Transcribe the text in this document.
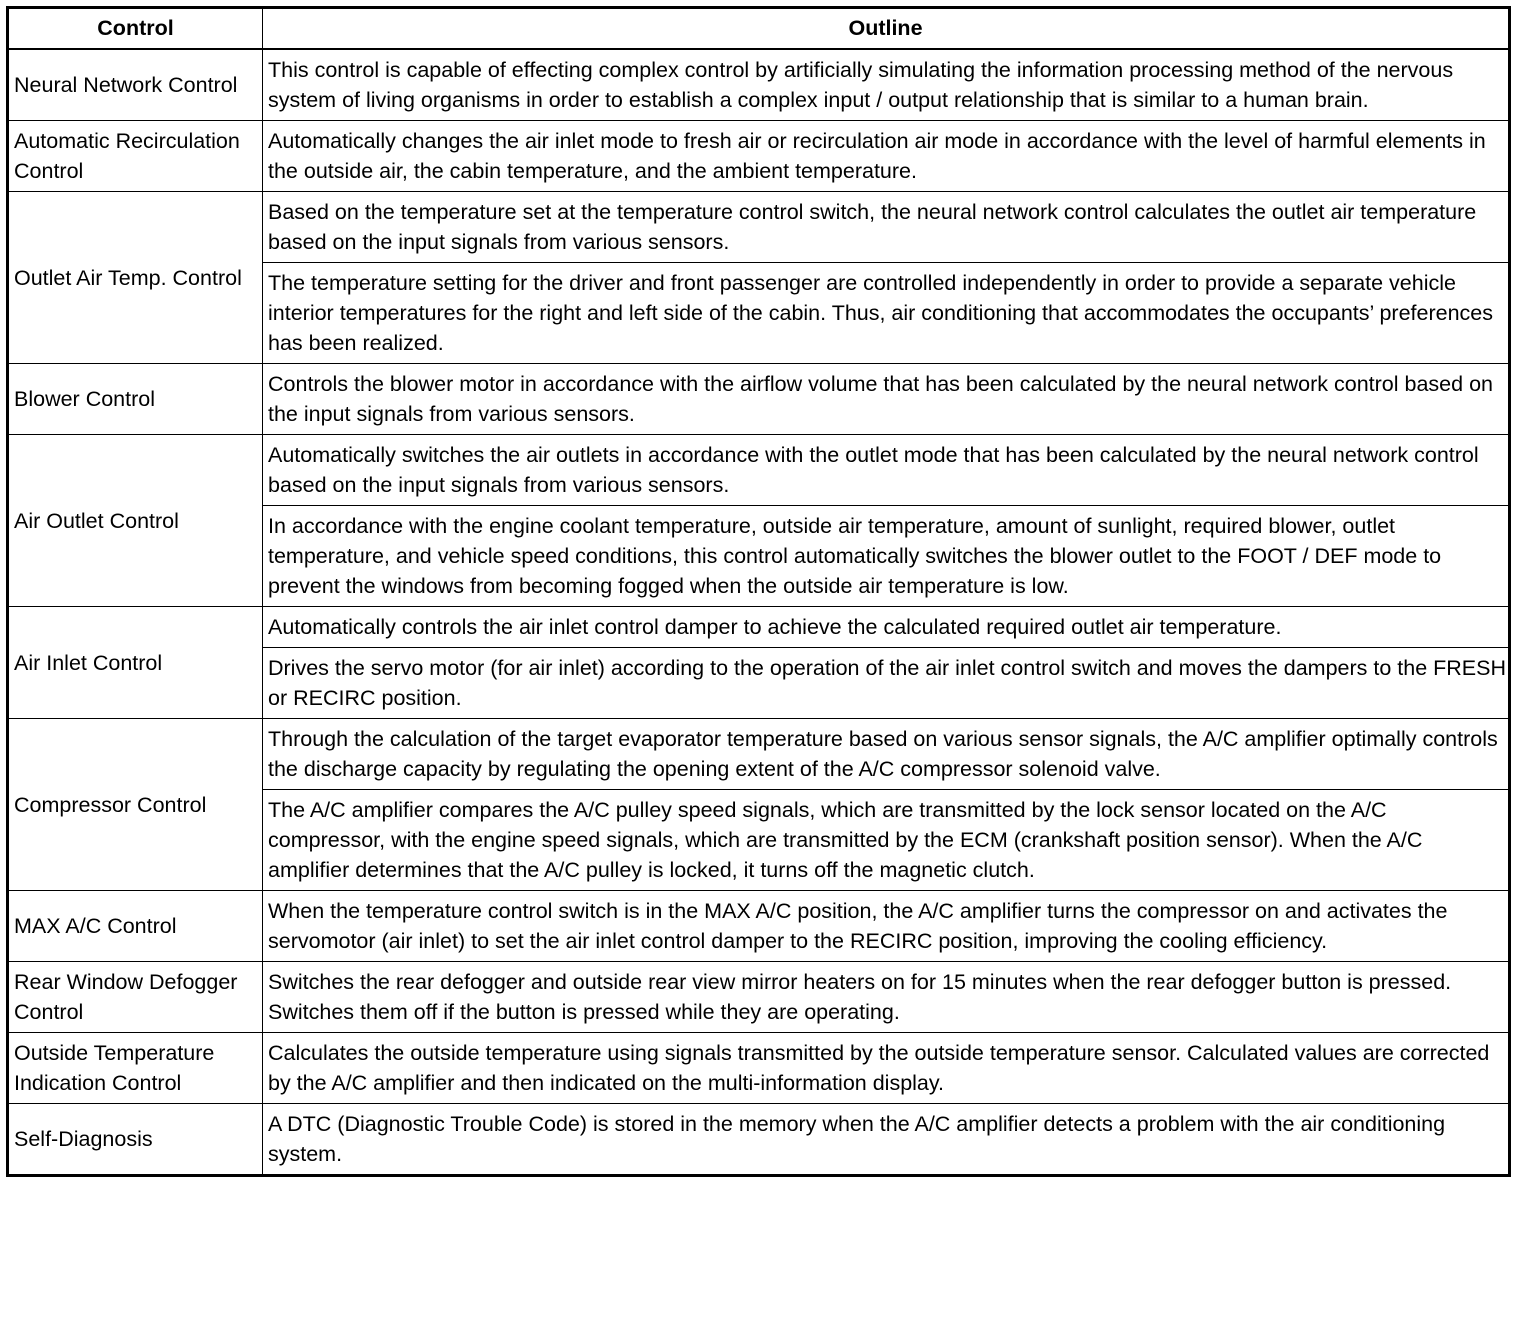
Control	Outline
Neural Network Control	This control is capable of effecting complex control by artificially simulating the information processing method of the nervous system of living organisms in order to establish a complex input / output relationship that is similar to a human brain.
Automatic Recirculation Control	Automatically changes the air inlet mode to fresh air or recirculation air mode in accordance with the level of harmful elements in the outside air, the cabin temperature, and the ambient temperature.
Outlet Air Temp. Control	Based on the temperature set at the temperature control switch, the neural network control calculates the outlet air temperature based on the input signals from various sensors.
	The temperature setting for the driver and front passenger are controlled independently in order to provide a separate vehicle interior temperatures for the right and left side of the cabin. Thus, air conditioning that accommodates the occupants’ preferences has been realized.
Blower Control	Controls the blower motor in accordance with the airflow volume that has been calculated by the neural network control based on the input signals from various sensors.
Air Outlet Control	Automatically switches the air outlets in accordance with the outlet mode that has been calculated by the neural network control based on the input signals from various sensors.
	In accordance with the engine coolant temperature, outside air temperature, amount of sunlight, required blower, outlet temperature, and vehicle speed conditions, this control automatically switches the blower outlet to the FOOT / DEF mode to prevent the windows from becoming fogged when the outside air temperature is low.
Air Inlet Control	Automatically controls the air inlet control damper to achieve the calculated required outlet air temperature.
	Drives the servo motor (for air inlet) according to the operation of the air inlet control switch and moves the dampers to the FRESH or RECIRC position.
Compressor Control	Through the calculation of the target evaporator temperature based on various sensor signals, the A/C amplifier optimally controls the discharge capacity by regulating the opening extent of the A/C compressor solenoid valve.
	The A/C amplifier compares the A/C pulley speed signals, which are transmitted by the lock sensor located on the A/C compressor, with the engine speed signals, which are transmitted by the ECM (crankshaft position sensor). When the A/C amplifier determines that the A/C pulley is locked, it turns off the magnetic clutch.
MAX A/C Control	When the temperature control switch is in the MAX A/C position, the A/C amplifier turns the compressor on and activates the servomotor (air inlet) to set the air inlet control damper to the RECIRC position, improving the cooling efficiency.
Rear Window Defogger Control	Switches the rear defogger and outside rear view mirror heaters on for 15 minutes when the rear defogger button is pressed. Switches them off if the button is pressed while they are operating.
Outside Temperature Indication Control	Calculates the outside temperature using signals transmitted by the outside temperature sensor. Calculated values are corrected by the A/C amplifier and then indicated on the multi-information display.
Self-Diagnosis	A DTC (Diagnostic Trouble Code) is stored in the memory when the A/C amplifier detects a problem with the air conditioning system.
